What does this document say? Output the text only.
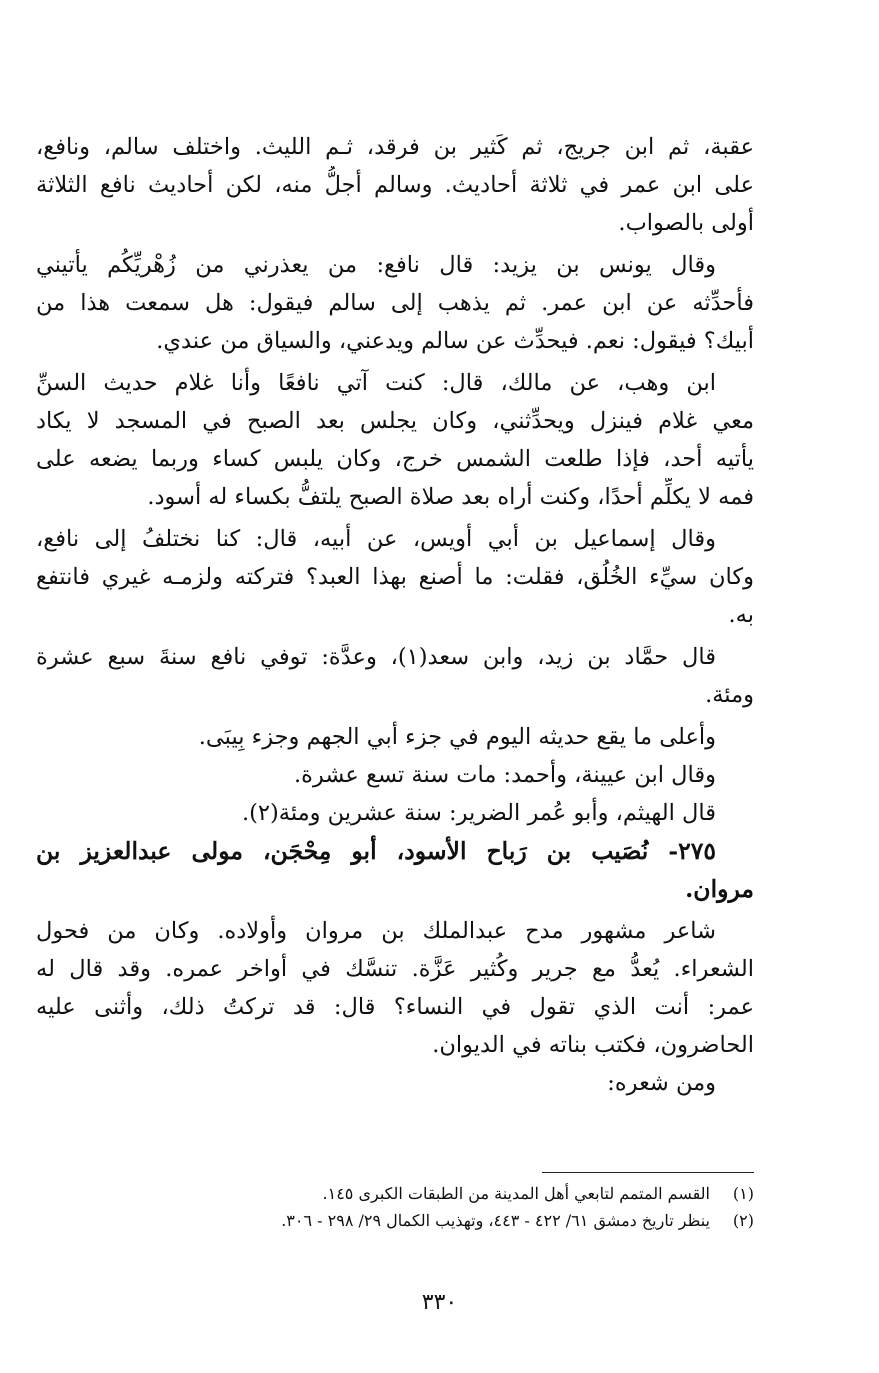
عقبة، ثم ابن جريج، ثم كَثير بن فرقد، ثـم الليث. واختلف سالم، ونافع،
على ابن عمر في ثلاثة أحاديث. وسالم أجلُّ منه، لكن أحاديث نافع الثلاثة
أولى بالصواب.
وقال يونس بن يزيد: قال نافع: من يعذرني من زُهْريِّكُم يأتيني
فأحدِّثه عن ابن عمر. ثم يذهب إلى سالم فيقول: هل سمعت هذا من
أبيك؟ فيقول: نعم. فيحدِّث عن سالم ويدعني، والسياق من عندي.
ابن وهب، عن مالك، قال: كنت آتي نافعًا وأنا غلام حديث السنِّ
معي غلام فينزل ويحدِّثني، وكان يجلس بعد الصبح في المسجد لا يكاد
يأتيه أحد، فإذا طلعت الشمس خرج، وكان يلبس كساء وربما يضعه على
فمه لا يكلِّم أحدًا، وكنت أراه بعد صلاة الصبح يلتفُّ بكساء له أسود.
وقال إسماعيل بن أبي أويس، عن أبيه، قال: كنا نختلفُ إلى نافع،
وكان سيِّء الخُلُق، فقلت: ما أصنع بهذا العبد؟ فتركته ولزمـه غيري فانتفع
به.
قال حمَّاد بن زيد، وابن سعد(١)، وعدَّة: توفي نافع سنةَ سبع عشرة
ومئة.
وأعلى ما يقع حديثه اليوم في جزء أبي الجهم وجزء بِيبَى.
وقال ابن عيينة، وأحمد: مات سنة تسع عشرة.
قال الهيثم، وأبو عُمر الضرير: سنة عشرين ومئة(٢).
٢٧٥- نُصَيب بن رَباح الأسود، أبو مِحْجَن، مولى عبدالعزيز بن
مروان.
شاعر مشهور مدح عبدالملك بن مروان وأولاده. وكان من فحول
الشعراء. يُعدُّ مع جرير وكُثير عَزَّة. تنسَّك في أواخر عمره. وقد قال له
عمر: أنت الذي تقول في النساء؟ قال: قد تركتُ ذلك، وأثنى عليه
الحاضرون، فكتب بناته في الديوان.
ومن شعره:
(١)القسم المتمم لتابعي أهل المدينة من الطبقات الكبرى ١٤٥.
(٢)ينظر تاريخ دمشق ٦١/ ٤٢٢ - ٤٤٣، وتهذيب الكمال ٢٩/ ٢٩٨ - ٣٠٦.
٣٣٠
